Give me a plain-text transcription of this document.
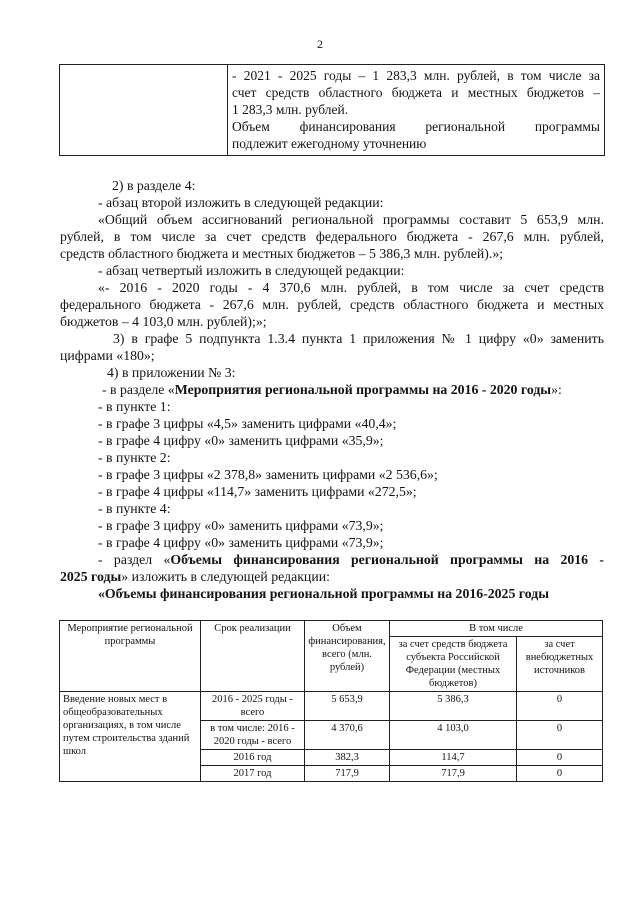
2

- 2021 - 2025 годы – 1 283,3 млн. рублей, в том числе за
счет средств областного бюджета и местных бюджетов –
1 283,3 млн. рублей.
Объем финансирования региональной программы
подлежит ежегодному уточнению
2) в разделе 4:
- абзац второй изложить в следующей редакции:
«Общий объем ассигнований региональной программы составит 5 653,9 млн.
рублей, в том числе за счет средств федерального бюджета - 267,6 млн. рублей,
средств областного бюджета и местных бюджетов – 5 386,3 млн. рублей).»;
- абзац четвертый изложить в следующей редакции:
«- 2016 - 2020 годы - 4 370,6 млн. рублей, в том числе за счет средств
федерального бюджета - 267,6 млн. рублей, средств областного бюджета и местных
бюджетов – 4 103,0 млн. рублей);»;
3) в графе 5 подпункта 1.3.4 пункта 1 приложения № 1 цифру «0» заменить
цифрами «180»;
4) в приложении № 3:
- в разделе «Мероприятия региональной программы на 2016 - 2020 годы»:
- в пункте 1:
- в графе 3 цифры «4,5» заменить цифрами «40,4»;
- в графе 4 цифру «0» заменить цифрами «35,9»;
- в пункте 2:
- в графе 3 цифры «2 378,8» заменить цифрами «2 536,6»;
- в графе 4 цифры «114,7» заменить цифрами «272,5»;
- в пункте 4:
- в графе 3 цифру «0» заменить цифрами «73,9»;
- в графе 4 цифру «0» заменить цифрами «73,9»;
- раздел «Объемы финансирования региональной программы на 2016 -
2025 годы» изложить в следующей редакции:
«Объемы финансирования региональной программы на 2016-2025 годы
Мероприятие региональной программы	Срок реализации	Объем финансирования, всего (млн. рублей)	В том числе	
			за счет средств бюджета субъекта Российской Федерации (местных бюджетов)	за счет внебюджетных источников
Введение новых мест в общеобразовательных организациях, в том числе путем строительства зданий школ	2016 - 2025 годы - всего	5 653,9	5 386,3	0
	в том числе: 2016 - 2020 годы - всего	4 370,6	4 103,0	0
	2016 год	382,3	114,7	0
	2017 год	717,9	717,9	0
